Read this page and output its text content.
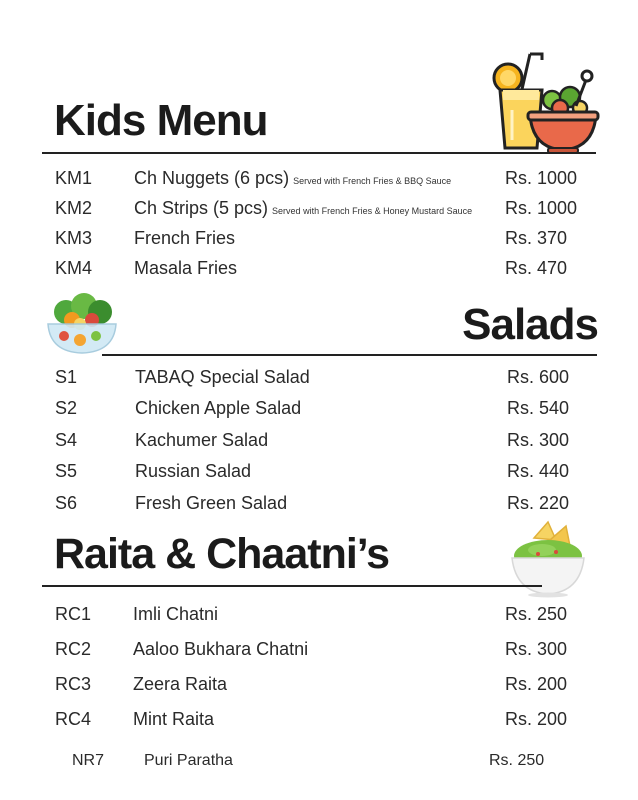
Kids Menu
KM1 Ch Nuggets (6 pcs) Served with French Fries & BBQ Sauce	Rs. 1000
KM2 Ch Strips (5 pcs) Served with French Fries & Honey Mustard Sauce Rs. 1000
KM3 French Fries	Rs. 370
KM4 Masala Fries	Rs. 470
Salads
S1	TABAQ Special Salad	Rs. 600
S2	Chicken Apple Salad	Rs. 540
S4	Kachumer Salad	Rs. 300
S5	Russian Salad	Rs. 440
S6	Fresh Green Salad	Rs. 220
Raita & Chaatni’s
RC1 Imli Chatni	Rs. 250
RC2 Aaloo Bukhara Chatni	Rs. 300
RC3 Zeera Raita	Rs. 200
RC4 Mint Raita	Rs. 200
NR7 Puri Paratha	Rs. 250
